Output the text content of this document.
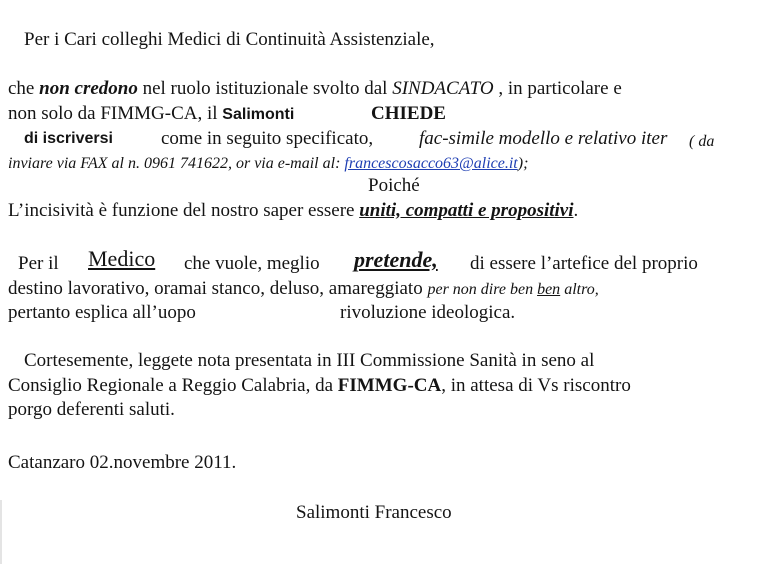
Per i Cari colleghi Medici di Continuità Assistenziale,
che non credono nel ruolo istituzionale svolto dal SINDACATO , in particolare e
non solo da FIMMG-CA, il Salimonti	CHIEDE
di iscriversi	come in seguito specificato, fac-simile modello e relativo iter ( da
inviare via FAX al n. 0961 741622, or via e-mail al: francescosacco63@alice.it);
Poiché
L’incisività è funzione del nostro saper essere uniti, compatti e propositivi.
Per il Medico	che vuole, meglio pretende, di essere l’artefice del proprio
destino lavorativo, oramai stanco, deluso, amareggiato per non dire ben ben altro,
pertanto esplica all’uopo	rivoluzione ideologica.
Cortesemente, leggete nota presentata in III Commissione Sanità in seno al
Consiglio Regionale a Reggio Calabria, da FIMMG-CA, in attesa di Vs riscontro
porgo deferenti saluti.
Catanzaro 02.novembre 2011.
Salimonti Francesco
